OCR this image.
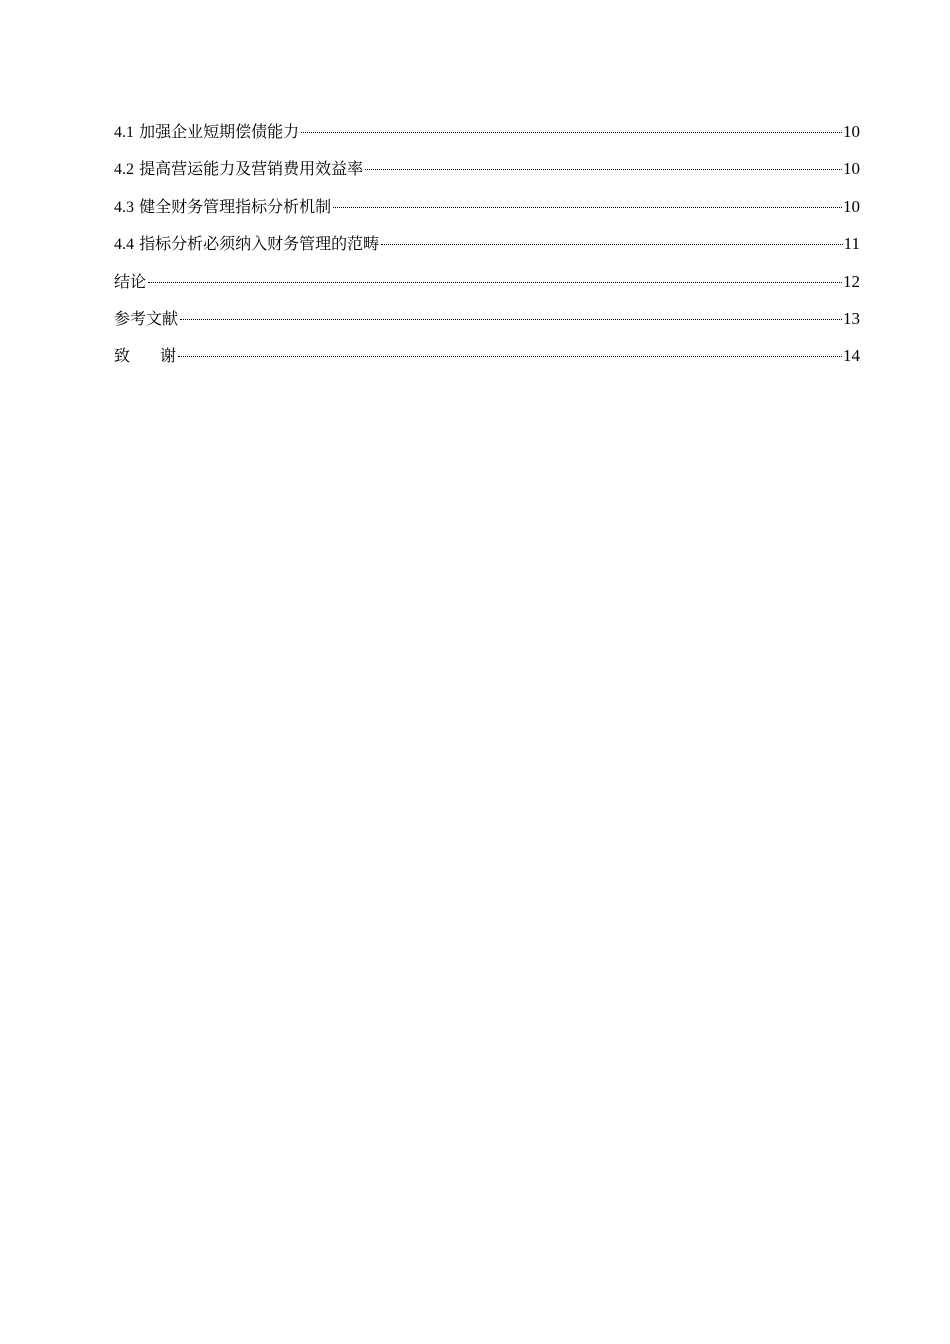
4.1 加强企业短期偿债能力	10
4.2 提高营运能力及营销费用效益率	10
4.3 健全财务管理指标分析机制	10
4.4 指标分析必须纳入财务管理的范畴	11
结论	12
参考文献	13
致 谢	14
